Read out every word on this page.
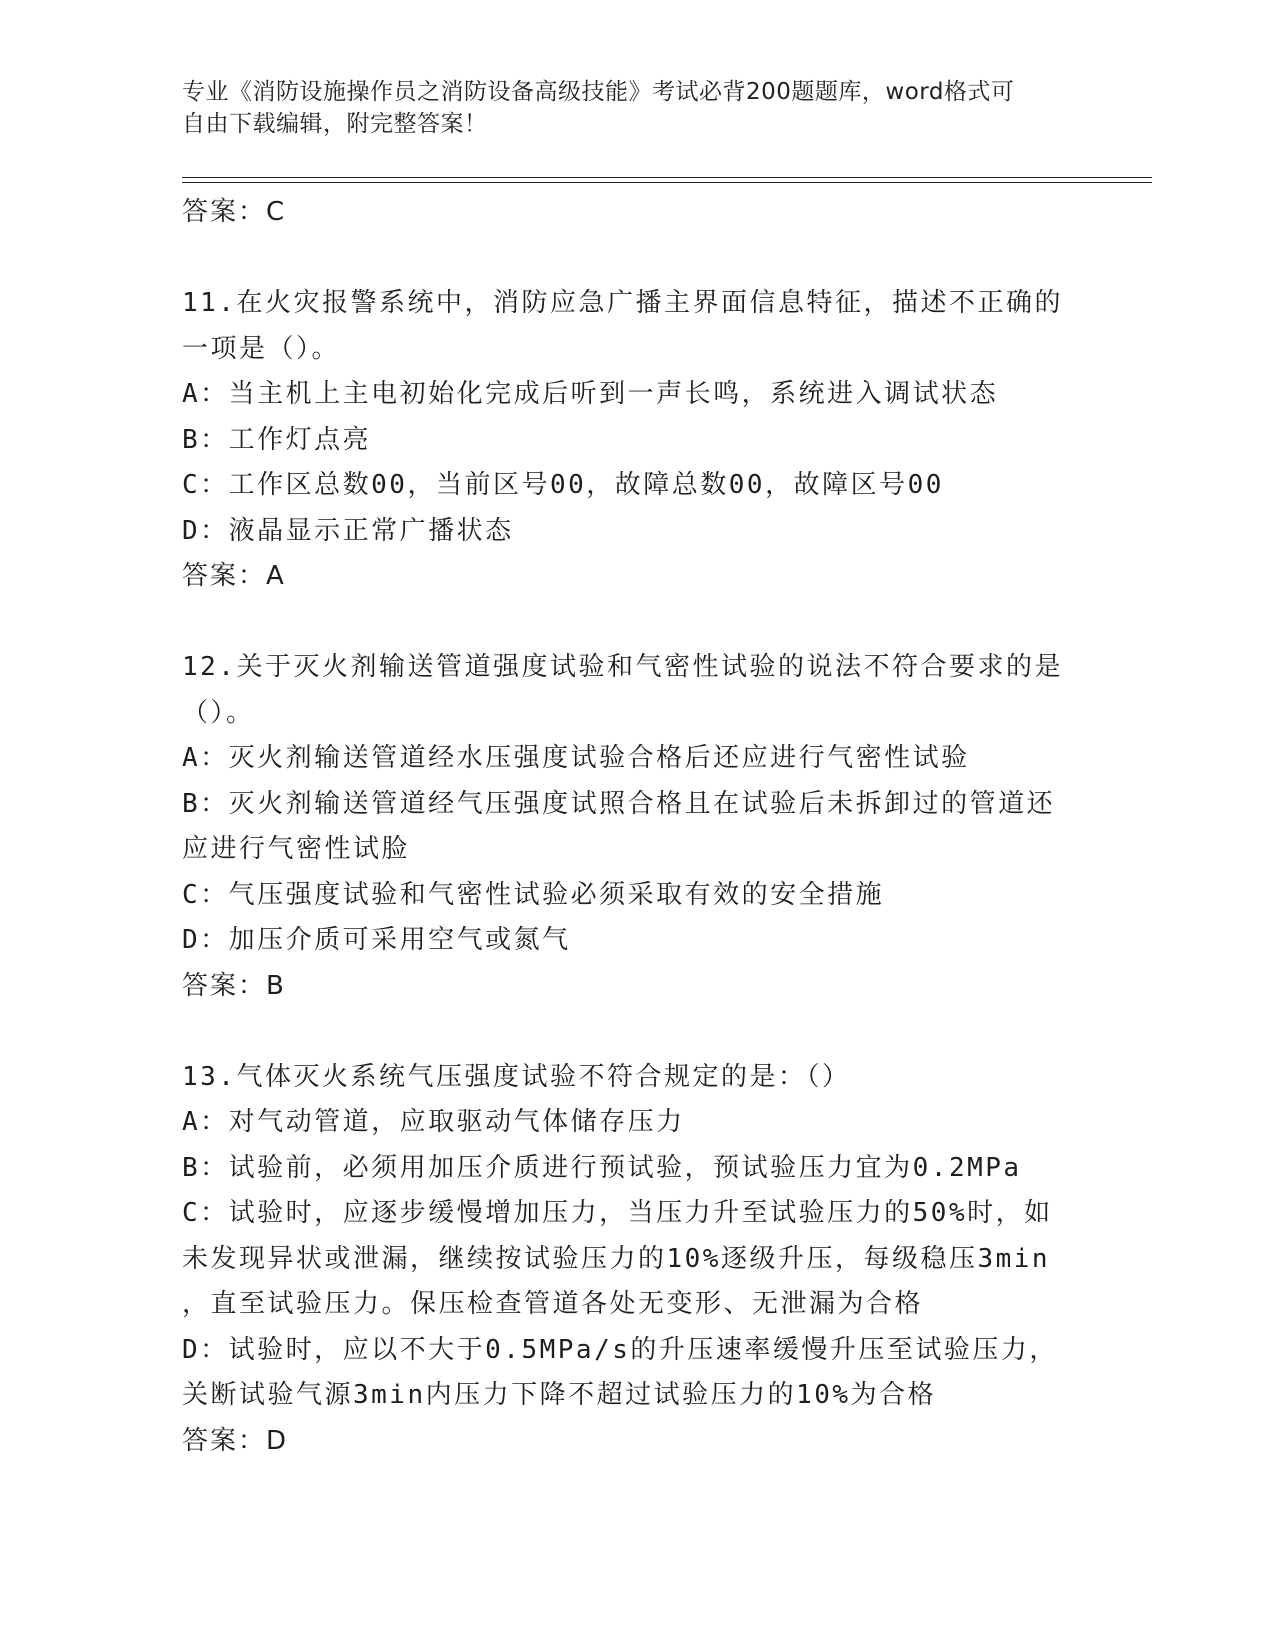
专业《消防设施操作员之消防设备高级技能》考试必背200题题库，word格式可
自由下载编辑，附完整答案！
答案：C
11.在火灾报警系统中，消防应急广播主界面信息特征，描述不正确的
一项是（）。
A：当主机上主电初始化完成后听到一声长鸣，系统进入调试状态
B：工作灯点亮
C：工作区总数00，当前区号00，故障总数00，故障区号00
D：液晶显示正常广播状态
答案：A
12.关于灭火剂输送管道强度试验和气密性试验的说法不符合要求的是
（）。
A：灭火剂输送管道经水压强度试验合格后还应进行气密性试验
B：灭火剂输送管道经气压强度试照合格且在试验后未拆卸过的管道还
应进行气密性试脸
C：气压强度试验和气密性试验必须采取有效的安全措施
D：加压介质可采用空气或氮气
答案：B
13.气体灭火系统气压强度试验不符合规定的是：（）
A：对气动管道，应取驱动气体储存压力
B：试验前，必须用加压介质进行预试验，预试验压力宜为0.2MPa
C：试验时，应逐步缓慢增加压力，当压力升至试验压力的50%时，如
未发现异状或泄漏，继续按试验压力的10%逐级升压，每级稳压3min
，直至试验压力。保压检查管道各处无变形、无泄漏为合格
D：试验时，应以不大于0.5MPa/s的升压速率缓慢升压至试验压力，
关断试验气源3min内压力下降不超过试验压力的10%为合格
答案：D
